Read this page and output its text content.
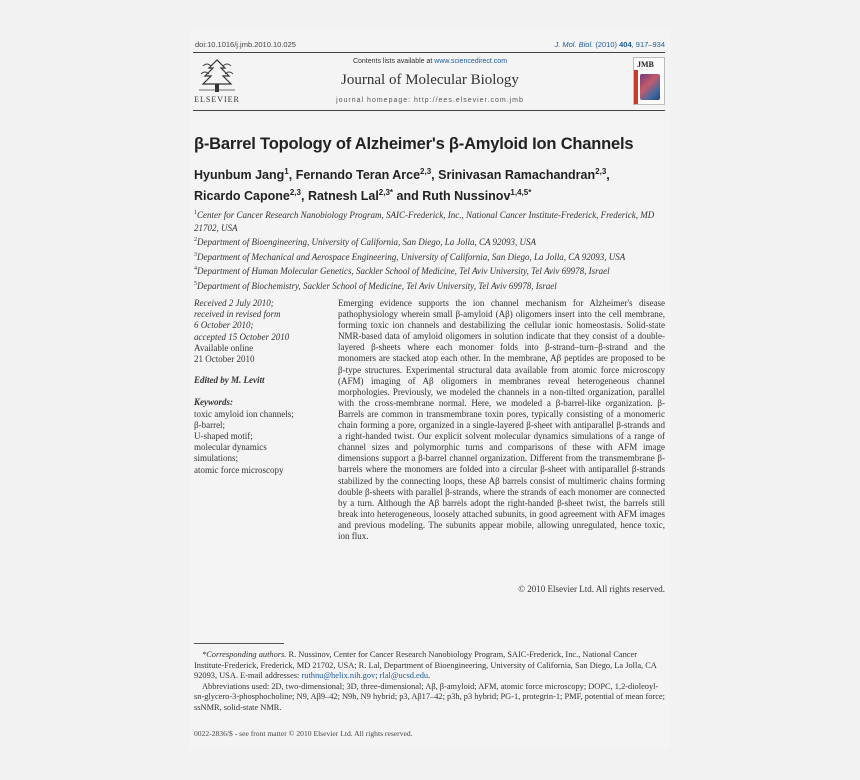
doi:10.1016/j.jmb.2010.10.025	J. Mol. Biol. (2010) 404, 917–934
ELSEVIER
Contents lists available at www.sciencedirect.com
Journal of Molecular Biology
journal homepage: http://ees.elsevier.com.jmb
JMB
β-Barrel Topology of Alzheimer's β-Amyloid Ion Channels
Hyunbum Jang$^1$, Fernando Teran Arce$^{2,3}$, Srinivasan Ramachandran$^{2,3}$,
Ricardo Capone$^{2,3}$, Ratnesh Lal$^{2,3*}$ and Ruth Nussinov$^{1,4,5*}$
$^1$Center for Cancer Research Nanobiology Program, SAIC-Frederick, Inc., National Cancer Institute-Frederick, Frederick, MD 21702, USA
$^2$Department of Bioengineering, University of California, San Diego, La Jolla, CA 92093, USA
$^3$Department of Mechanical and Aerospace Engineering, University of California, San Diego, La Jolla, CA 92093, USA
$^4$Department of Human Molecular Genetics, Sackler School of Medicine, Tel Aviv University, Tel Aviv 69978, Israel
$^5$Department of Biochemistry, Sackler School of Medicine, Tel Aviv University, Tel Aviv 69978, Israel
Received 2 July 2010;
received in revised form
6 October 2010;
accepted 15 October 2010
Available online
21 October 2010
Edited by M. Levitt
Keywords:
toxic amyloid ion channels;
β-barrel;
U-shaped motif;
molecular dynamics
simulations;
atomic force microscopy

Emerging evidence supports the ion channel mechanism for Alzheimer's disease pathophysiology wherein small β-amyloid (Aβ) oligomers insert into the cell membrane, forming toxic ion channels and destabilizing the cellular ionic homeostasis. Solid-state NMR-based data of amyloid oligomers in solution indicate that they consist of a double-layered β-sheets where each monomer folds into β-strand–turn–β-strand and the monomers are stacked atop each other. In the membrane, Aβ peptides are proposed to be β-type structures. Experimental structural data available from atomic force microscopy (AFM) imaging of Aβ oligomers in membranes reveal heterogeneous channel morphologies. Previously, we modeled the channels in a non-tilted organization, parallel with the cross-membrane normal. Here, we modeled a β-barrel-like organization. β-Barrels are common in transmembrane toxin pores, typically consisting of a monomeric chain forming a pore, organized in a single-layered β-sheet with antiparallel β-strands and a right-handed twist. Our explicit solvent molecular dynamics simulations of a range of channel sizes and polymorphic turns and comparisons of these with AFM image dimensions support a β-barrel channel organization. Different from the transmembrane β-barrels where the monomers are folded into a circular β-sheet with antiparallel β-strands stabilized by the connecting loops, these Aβ barrels consist of multimeric chains forming double β-sheets with parallel β-strands, where the strands of each monomer are connected by a turn. Although the Aβ barrels adopt the right-handed β-sheet twist, the barrels still break into heterogeneous, loosely attached subunits, in good agreement with AFM images and previous modeling. The subunits appear mobile, allowing unregulated, hence toxic, ion flux.

© 2010 Elsevier Ltd. All rights reserved.
*Corresponding authors. R. Nussinov, Center for Cancer Research Nanobiology Program, SAIC-Frederick, Inc., National Cancer Institute-Frederick, Frederick, MD 21702, USA; R. Lal, Department of Bioengineering, University of California, San Diego, La Jolla, CA 92093, USA. E-mail addresses: ruthnu@helix.nih.gov; rlal@ucsd.edu.
Abbreviations used: 2D, two-dimensional; 3D, three-dimensional; Aβ, β-amyloid; AFM, atomic force microscopy; DOPC, 1,2-dioleoyl-sn-glycero-3-phosphocholine; N9, Aβ9–42; N9h, N9 hybrid; p3, Aβ17–42; p3h, p3 hybrid; PG-1, protegrin-1; PMF, potential of mean force; ssNMR, solid-state NMR.
0022-2836/$ - see front matter © 2010 Elsevier Ltd. All rights reserved.
